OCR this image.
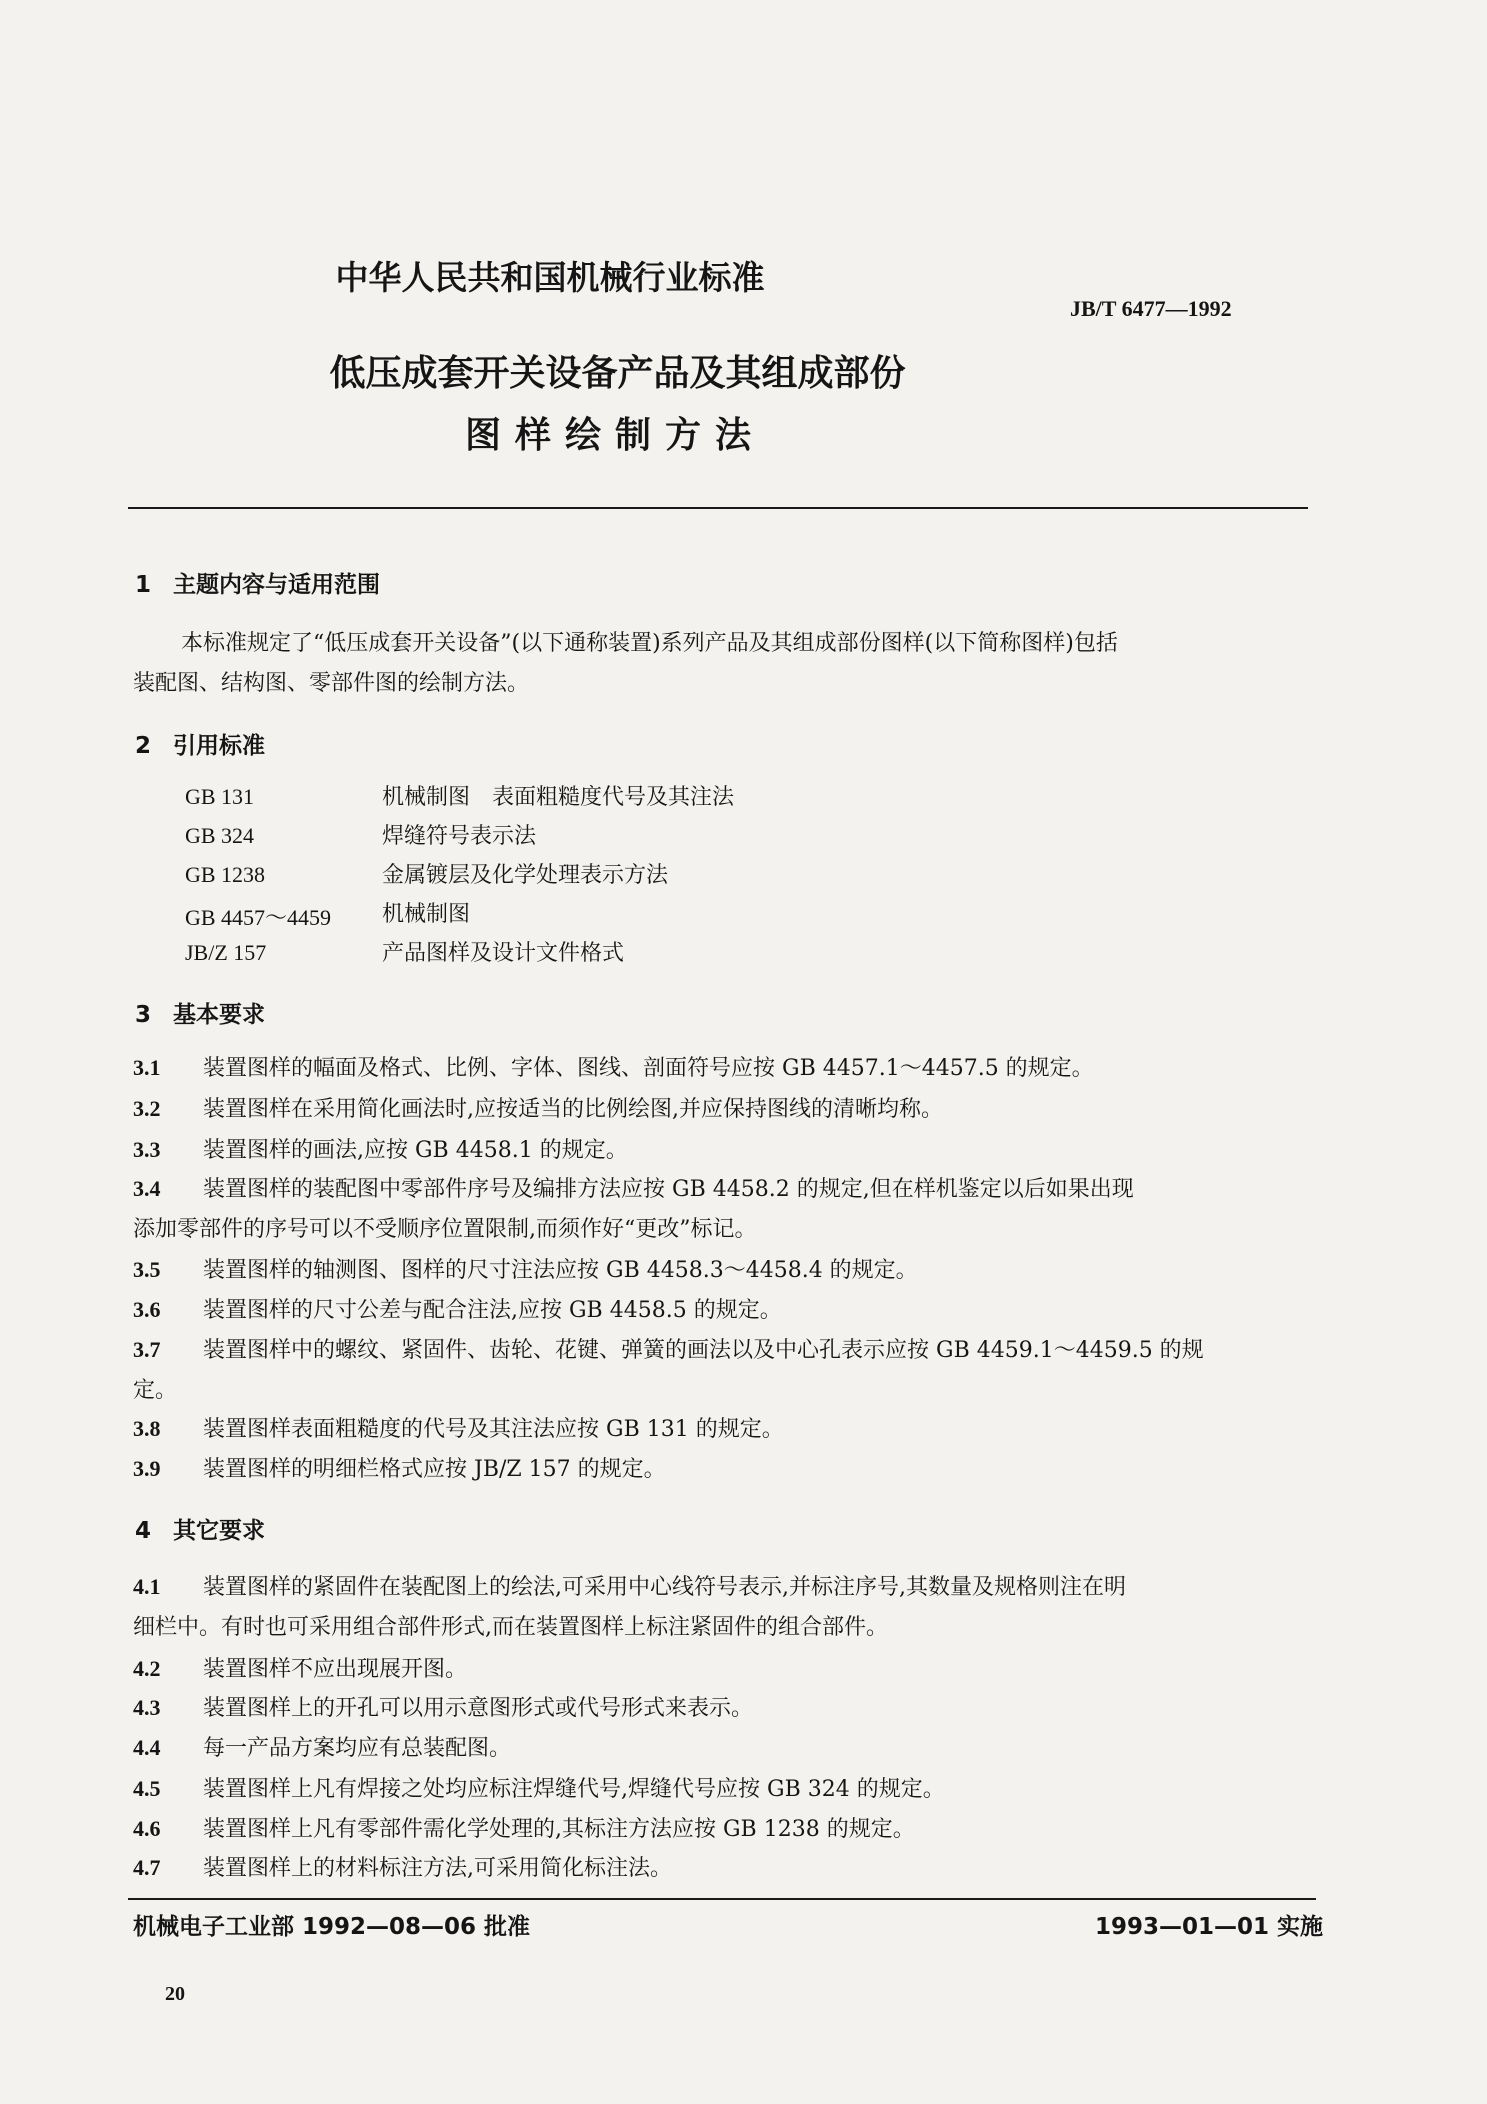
中华人民共和国机械行业标准
JB/T 6477—1992
低压成套开关设备产品及其组成部份
图样绘制方法
1 主题内容与适用范围
本标准规定了“低压成套开关设备”(以下通称装置)系列产品及其组成部份图样(以下简称图样)包括
装配图、结构图、零部件图的绘制方法。
2 引用标准
GB 131	机械制图　表面粗糙度代号及其注法
GB 324	焊缝符号表示法
GB 1238	金属镀层及化学处理表示方法
GB 4457～4459 机械制图
JB/Z 157	产品图样及设计文件格式
3 基本要求
3.1 装置图样的幅面及格式、比例、字体、图线、剖面符号应按 GB 4457.1～4457.5 的规定。
3.2 装置图样在采用简化画法时,应按适当的比例绘图,并应保持图线的清晰均称。
3.3 装置图样的画法,应按 GB 4458.1 的规定。
3.4 装置图样的装配图中零部件序号及编排方法应按 GB 4458.2 的规定,但在样机鉴定以后如果出现
添加零部件的序号可以不受顺序位置限制,而须作好“更改”标记。
3.5 装置图样的轴测图、图样的尺寸注法应按 GB 4458.3～4458.4 的规定。
3.6 装置图样的尺寸公差与配合注法,应按 GB 4458.5 的规定。
3.7 装置图样中的螺纹、紧固件、齿轮、花键、弹簧的画法以及中心孔表示应按 GB 4459.1～4459.5 的规
定。
3.8 装置图样表面粗糙度的代号及其注法应按 GB 131 的规定。
3.9 装置图样的明细栏格式应按 JB/Z 157 的规定。
4 其它要求
4.1 装置图样的紧固件在装配图上的绘法,可采用中心线符号表示,并标注序号,其数量及规格则注在明
细栏中。有时也可采用组合部件形式,而在装置图样上标注紧固件的组合部件。
4.2 装置图样不应出现展开图。
4.3 装置图样上的开孔可以用示意图形式或代号形式来表示。
4.4 每一产品方案均应有总装配图。
4.5 装置图样上凡有焊接之处均应标注焊缝代号,焊缝代号应按 GB 324 的规定。
4.6 装置图样上凡有零部件需化学处理的,其标注方法应按 GB 1238 的规定。
4.7 装置图样上的材料标注方法,可采用简化标注法。
机械电子工业部 1992—08—06 批准	1993—01—01 实施
20
